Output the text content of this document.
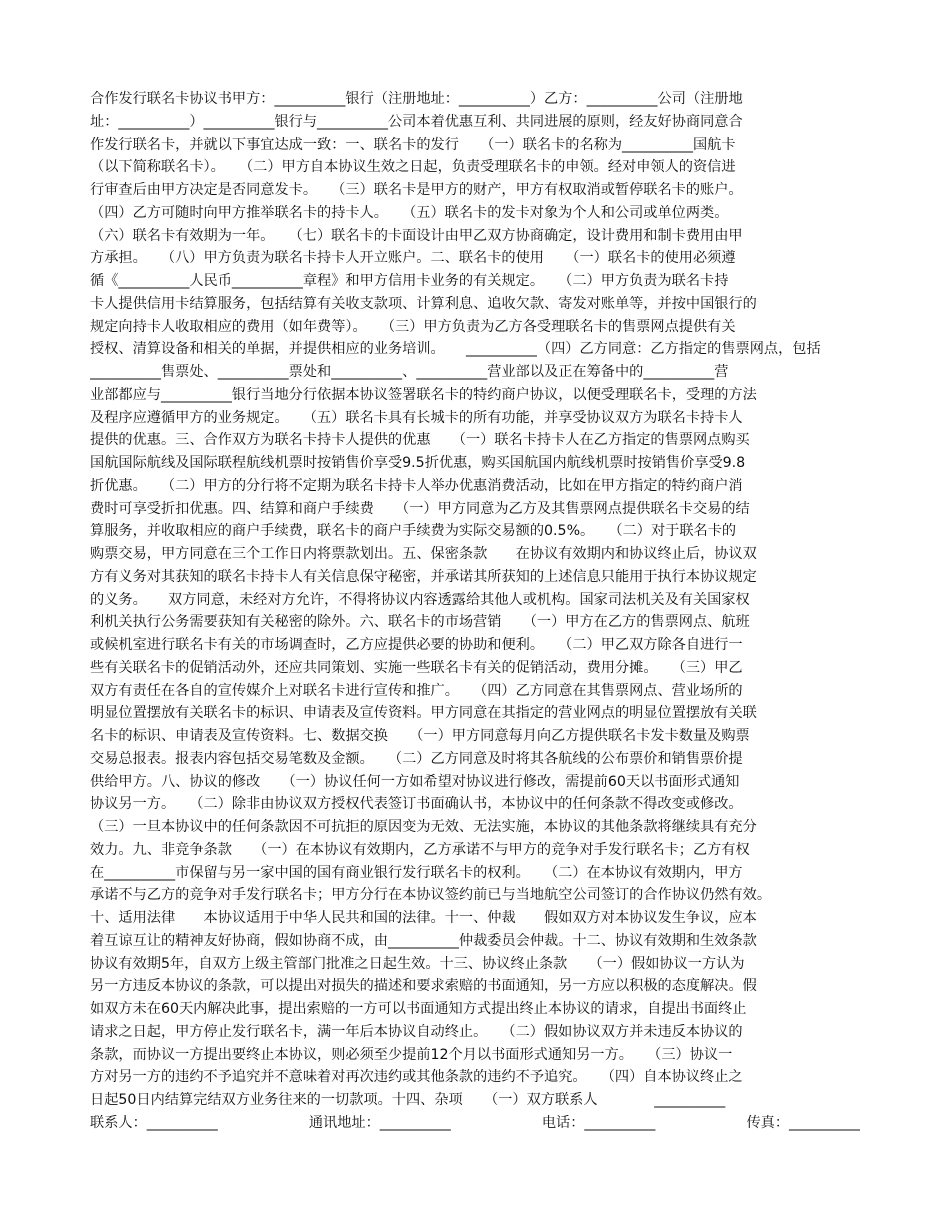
合作发行联名卡协议书甲方：__________银行（注册地址：__________）乙方：__________公司（注册地
址：__________）__________银行与__________公司本着优惠互利、共同进展的原则，经友好协商同意合
作发行联名卡，并就以下事宜达成一致：一、联名卡的发行　　（一）联名卡的名称为__________国航卡
（以下简称联名卡）。　　（二）甲方自本协议生效之日起，负责受理联名卡的申领。经对申领人的资信进
行审查后由甲方决定是否同意发卡。　　（三）联名卡是甲方的财产，甲方有权取消或暂停联名卡的账户。
（四）乙方可随时向甲方推举联名卡的持卡人。　　（五）联名卡的发卡对象为个人和公司或单位两类。
（六）联名卡有效期为一年。　　（七）联名卡的卡面设计由甲乙双方协商确定，设计费用和制卡费用由甲
方承担。　　（八）甲方负责为联名卡持卡人开立账户。二、联名卡的使用　　（一）联名卡的使用必须遵
循《__________人民币__________章程》和甲方信用卡业务的有关规定。　　（二）甲方负责为联名卡持
卡人提供信用卡结算服务，包括结算有关收支款项、计算利息、追收欠款、寄发对账单等，并按中国银行的
规定向持卡人收取相应的费用（如年费等）。　　（三）甲方负责为乙方各受理联名卡的售票网点提供有关
授权、清算设备和相关的单据，并提供相应的业务培训。　　__________（四）乙方同意：乙方指定的售票网点，包括
__________售票处、__________票处和__________、__________营业部以及正在筹备中的__________营
业部都应与__________银行当地分行依据本协议签署联名卡的特约商户协议，以便受理联名卡，受理的方法
及程序应遵循甲方的业务规定。　　（五）联名卡具有长城卡的所有功能，并享受协议双方为联名卡持卡人
提供的优惠。三、合作双方为联名卡持卡人提供的优惠　　（一）联名卡持卡人在乙方指定的售票网点购买
国航国际航线及国际联程航线机票时按销售价享受9.5折优惠，购买国航国内航线机票时按销售价享受9.8
折优惠。　　（二）甲方的分行将不定期为联名卡持卡人举办优惠消费活动，比如在甲方指定的特约商户消
费时可享受折扣优惠。四、结算和商户手续费　　（一）甲方同意为乙方及其售票网点提供联名卡交易的结
算服务，并收取相应的商户手续费，联名卡的商户手续费为实际交易额的0.5%。　　（二）对于联名卡的
购票交易，甲方同意在三个工作日内将票款划出。五、保密条款　　在协议有效期内和协议终止后，协议双
方有义务对其获知的联名卡持卡人有关信息保守秘密，并承诺其所获知的上述信息只能用于执行本协议规定
的义务。　　双方同意，未经对方允许，不得将协议内容透露给其他人或机构。国家司法机关及有关国家权
利机关执行公务需要获知有关秘密的除外。六、联名卡的市场营销　　（一）甲方在乙方的售票网点、航班
或候机室进行联名卡有关的市场调查时，乙方应提供必要的协助和便利。　　（二）甲乙双方除各自进行一
些有关联名卡的促销活动外，还应共同策划、实施一些联名卡有关的促销活动，费用分摊。　　（三）甲乙
双方有责任在各自的宣传媒介上对联名卡进行宣传和推广。　　（四）乙方同意在其售票网点、营业场所的
明显位置摆放有关联名卡的标识、申请表及宣传资料。甲方同意在其指定的营业网点的明显位置摆放有关联
名卡的标识、申请表及宣传资料。七、数据交换　　（一）甲方同意每月向乙方提供联名卡发卡数量及购票
交易总报表。报表内容包括交易笔数及金额。　　（二）乙方同意及时将其各航线的公布票价和销售票价提
供给甲方。八、协议的修改　　（一）协议任何一方如希望对协议进行修改，需提前60天以书面形式通知
协议另一方。　　（二）除非由协议双方授权代表签订书面确认书，本协议中的任何条款不得改变或修改。
（三）一旦本协议中的任何条款因不可抗拒的原因变为无效、无法实施，本协议的其他条款将继续具有充分
效力。九、非竞争条款　　（一）在本协议有效期内，乙方承诺不与甲方的竞争对手发行联名卡；乙方有权
在__________市保留与另一家中国的国有商业银行发行联名卡的权利。　　（二）在本协议有效期内，甲方
承诺不与乙方的竞争对手发行联名卡；甲方分行在本协议签约前已与当地航空公司签订的合作协议仍然有效。
十、适用法律　　本协议适用于中华人民共和国的法律。十一、仲裁　　假如双方对本协议发生争议，应本
着互谅互让的精神友好协商，假如协商不成，由__________仲裁委员会仲裁。十二、协议有效期和生效条款
协议有效期5年，自双方上级主管部门批准之日起生效。十三、协议终止条款　　（一）假如协议一方认为
另一方违反本协议的条款，可以提出对损失的描述和要求索赔的书面通知，另一方应以积极的态度解决。假
如双方未在60天内解决此事，提出索赔的一方可以书面通知方式提出终止本协议的请求，自提出书面终止
请求之日起，甲方停止发行联名卡，满一年后本协议自动终止。　　（二）假如协议双方并未违反本协议的
条款，而协议一方提出要终止本协议，则必须至少提前12个月以书面形式通知另一方。　　（三）协议一
方对另一方的违约不予追究并不意味着对再次违约或其他条款的违约不予追究。　　（四）自本协议终止之
日起50日内结算完结双方业务往来的一切款项。十四、杂项　　（一）双方联系人　　　　__________
联系人：__________	通讯地址：__________	电话：__________	传真：__________
